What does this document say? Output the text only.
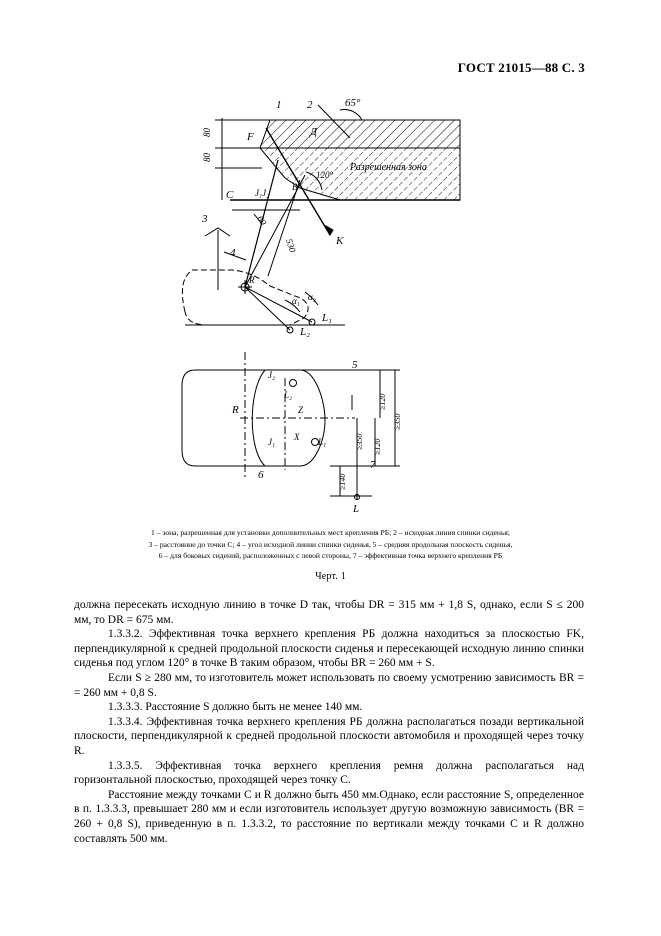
ГОСТ 21015—88 С. 3
1 2	65°
80
80
F	Д
Разрешенная зона
120°
B
C J₁J₂
60
530	K
3
4
R
α₁ α₂
L₁
L₂
5
R	Z
X
J₁
J₂
L₁
L₂
6
≥120
≥350
≥120
≥350
≥140
7
L
1 – зона, разрешенная для установки дополнительных мест крепления РБ; 2 – исходная линия спинки сиденья;
3 – расстояние до точки C; 4 – угол исходной линии спинки сиденья, 5 – средняя продольная плоскость сиденья,
6 – для боковых сидений, расположенных с левой стороны, 7 – эффективная точка верхнего крепления РБ
Черт. 1

должна пересекать исходную линию в точке D так, чтобы DR = 315 мм + 1,8 S, однако, если S ≤ 200 мм, то DR = 675 мм.

1.3.3.2. Эффективная точка верхнего крепления РБ должна находиться за плоскостью FK, перпендикулярной к средней продольной плоскости сиденья и пересекающей исходную линию спинки сиденья под углом 120° в точке B таким образом, чтобы BR = 260 мм + S.

Если S ≥ 280 мм, то изготовитель может использовать по своему усмотрению зависимость BR = = 260 мм + 0,8 S.

1.3.3.3. Расстояние S должно быть не менее 140 мм.

1.3.3.4. Эффективная точка верхнего крепления РБ должна располагаться позади вертикальной плоскости, перпендикулярной к средней продольной плоскости автомобиля и проходящей через точку R.

1.3.3.5. Эффективная точка верхнего крепления ремня должна располагаться над горизонтальной плоскостью, проходящей через точку C.

Расстояние между точками C и R должно быть 450 мм.Однако, если расстояние S, определенное в п. 1.3.3.3, превышает 280 мм и если изготовитель использует другую возможную зависимость (BR = 260 + 0,8 S), приведенную в п. 1.3.3.2, то расстояние по вертикали между точками C и R должно составлять 500 мм.
